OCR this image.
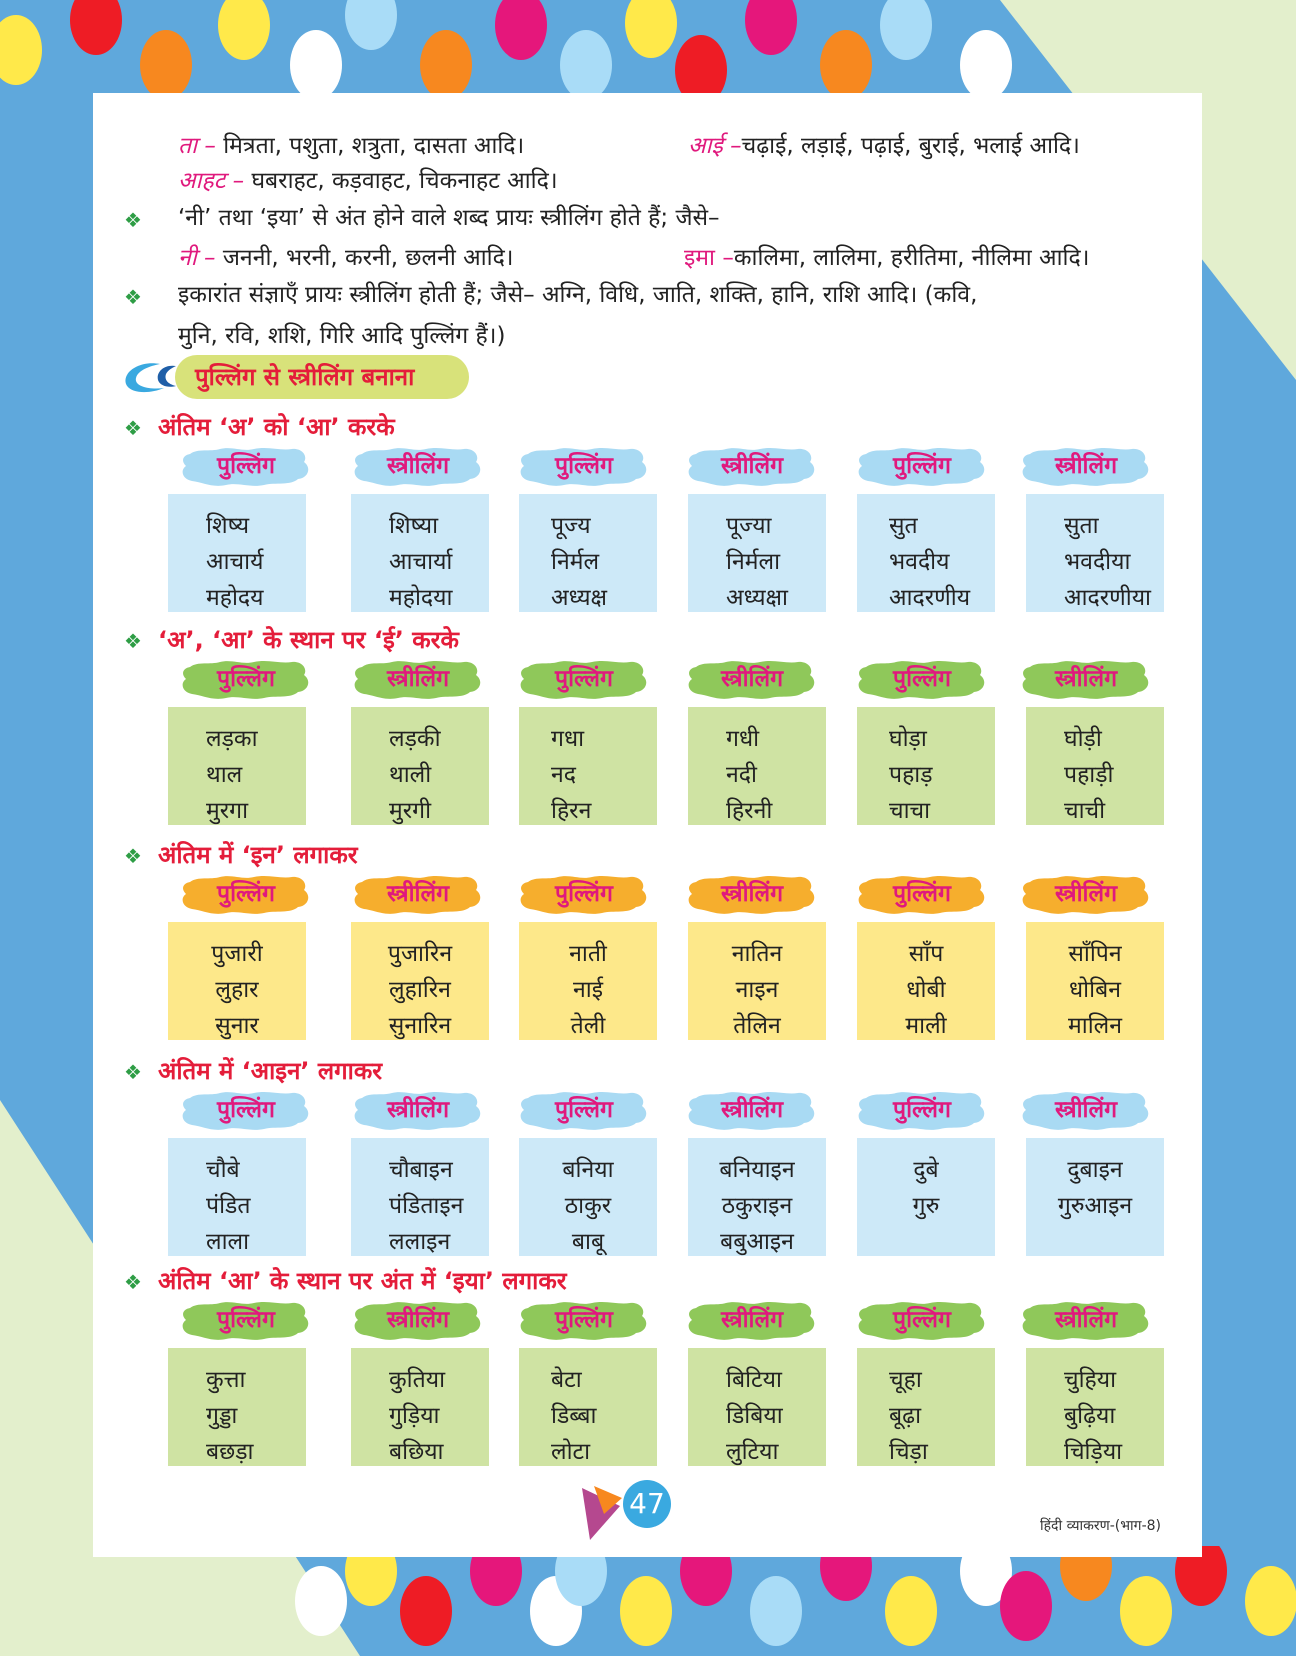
ता – मित्रता, पशुता, शत्रुता, दासता आदि।	आई –चढ़ाई, लड़ाई, पढ़ाई, बुराई, भलाई आदि।
आहट – घबराहट, कड़वाहट, चिकनाहट आदि।
‘नी’ तथा ‘इया’ से अंत होने वाले शब्द प्रायः स्त्रीलिंग होते हैं; जैसे–
नी – जननी, भरनी, करनी, छलनी आदि।	इमा –कालिमा, लालिमा, हरीतिमा, नीलिमा आदि।
इकारांत संज्ञाएँ प्रायः स्त्रीलिंग होती हैं; जैसे– अग्नि, विधि, जाति, शक्ति, हानि, राशि आदि। (कवि,
मुनि, रवि, शशि, गिरि आदि पुल्लिंग हैं।)
❖
❖
पुल्लिंग से स्त्रीलिंग बनाना
❖ अंतिम ‘अ’ को ‘आ’ करके
पुल्लिंग
शिष्य
आचार्य
महोदय
स्त्रीलिंग
शिष्या
आचार्या
महोदया
पुल्लिंग
पूज्य
निर्मल
अध्यक्ष
स्त्रीलिंग
पूज्या
निर्मला
अध्यक्षा
पुल्लिंग
सुत
भवदीय
आदरणीय
स्त्रीलिंग
सुता
भवदीया
आदरणीया
❖ ‘अ’, ‘आ’ के स्थान पर ‘ई’ करके
पुल्लिंग
लड़का
थाल
मुरगा
स्त्रीलिंग
लड़की
थाली
मुरगी
पुल्लिंग
गधा
नद
हिरन
स्त्रीलिंग
गधी
नदी
हिरनी
पुल्लिंग
घोड़ा
पहाड़
चाचा
स्त्रीलिंग
घोड़ी
पहाड़ी
चाची
❖ अंतिम में ‘इन’ लगाकर
पुल्लिंग
पुजारी
लुहार
सुनार
स्त्रीलिंग
पुजारिन
लुहारिन
सुनारिन
पुल्लिंग
नाती
नाई
तेली
स्त्रीलिंग
नातिन
नाइन
तेलिन
पुल्लिंग
साँप
धोबी
माली
स्त्रीलिंग
साँपिन
धोबिन
मालिन
❖ अंतिम में ‘आइन’ लगाकर
पुल्लिंग
चौबे
पंडित
लाला
स्त्रीलिंग
चौबाइन
पंडिताइन
ललाइन
पुल्लिंग
बनिया
ठाकुर
बाबू
स्त्रीलिंग
बनियाइन
ठकुराइन
बबुआइन
पुल्लिंग
दुबे
गुरु
स्त्रीलिंग
दुबाइन
गुरुआइन
❖ अंतिम ‘आ’ के स्थान पर अंत में ‘इया’ लगाकर
पुल्लिंग
कुत्ता
गुड्डा
बछड़ा
स्त्रीलिंग
कुतिया
गुड़िया
बछिया
पुल्लिंग
बेटा
डिब्बा
लोटा
स्त्रीलिंग
बिटिया
डिबिया
लुटिया
पुल्लिंग
चूहा
बूढ़ा
चिड़ा
स्त्रीलिंग
चुहिया
बुढ़िया
चिड़िया
47
हिंदी व्याकरण-(भाग-8)
